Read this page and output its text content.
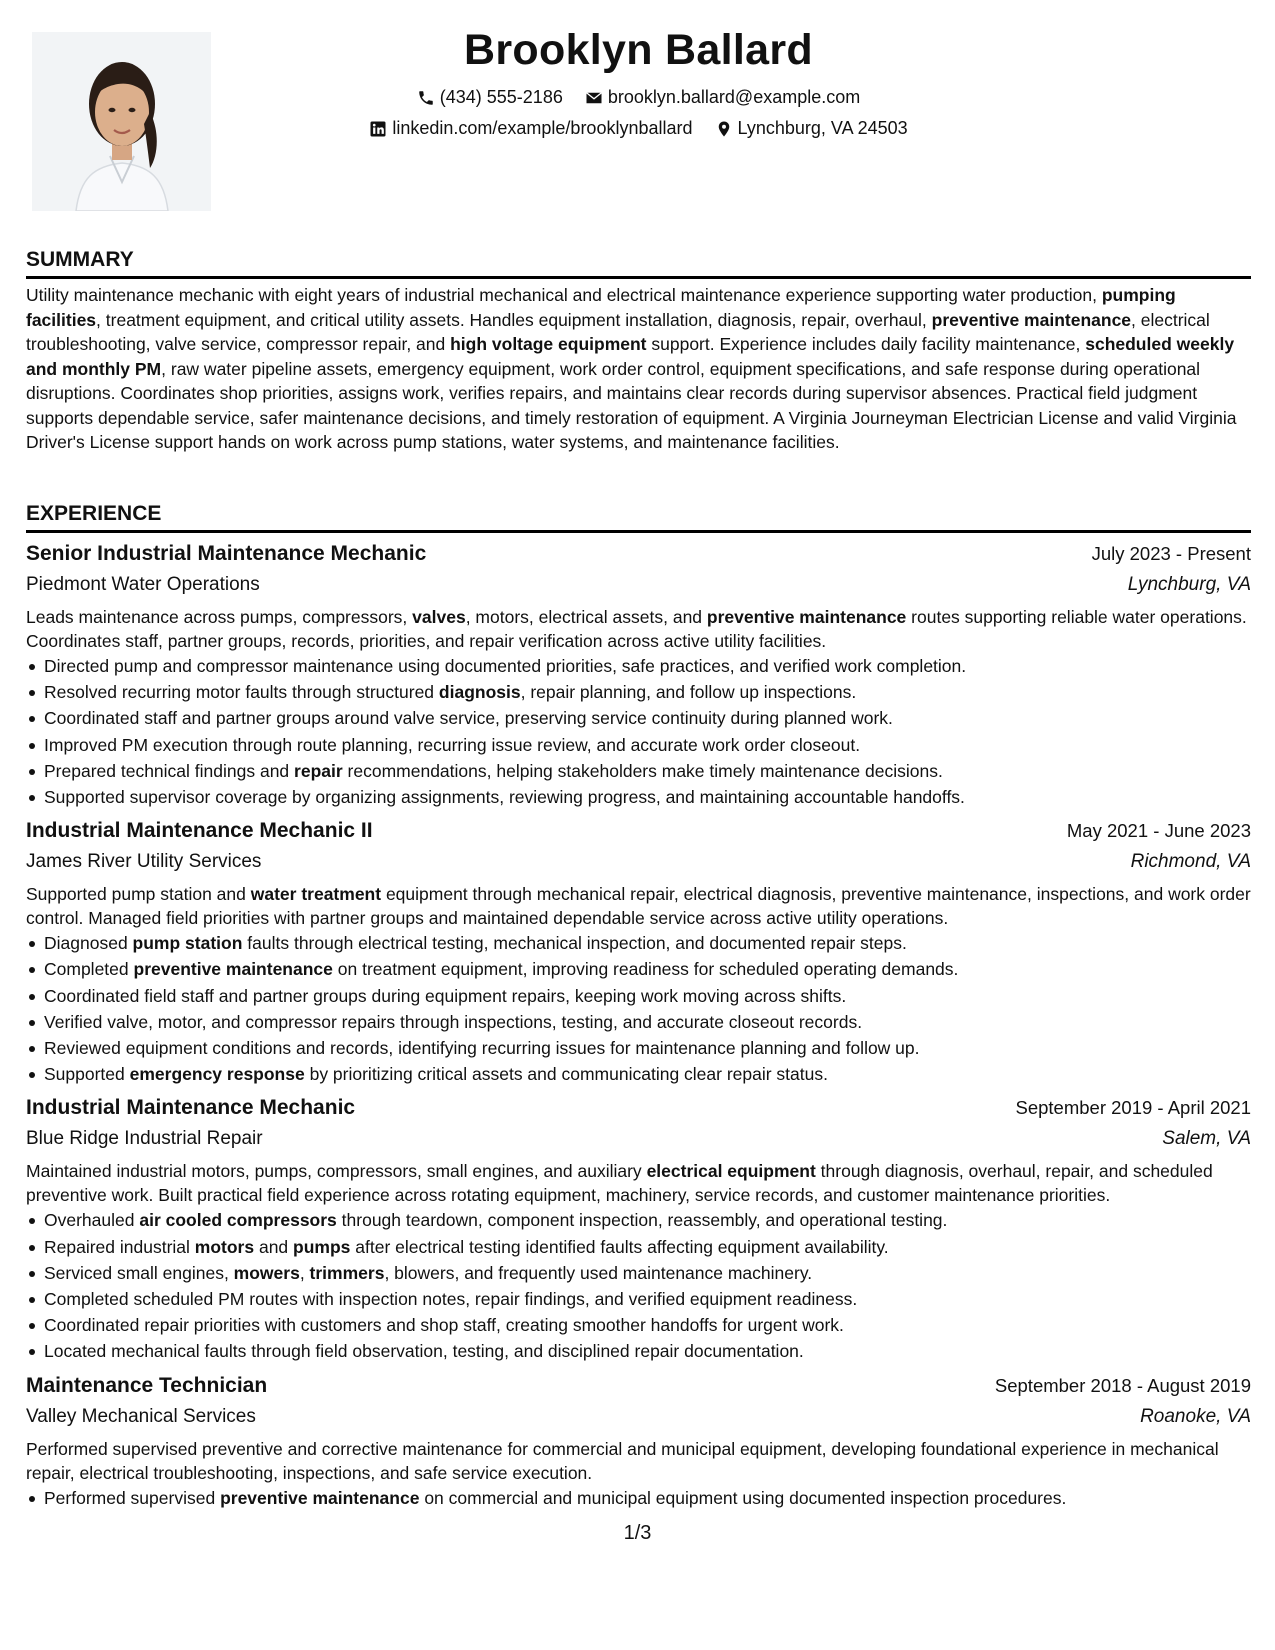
Brooklyn Ballard
(434) 555-2186	brooklyn.ballard@example.com
linkedin.com/example/brooklynballard	Lynchburg, VA 24503
SUMMARY

Utility maintenance mechanic with eight years of industrial mechanical and electrical maintenance experience supporting water production, pumping facilities, treatment equipment, and critical utility assets. Handles equipment installation, diagnosis, repair, overhaul, preventive maintenance, electrical troubleshooting, valve service, compressor repair, and high voltage equipment support. Experience includes daily facility maintenance, scheduled weekly and monthly PM, raw water pipeline assets, emergency equipment, work order control, equipment specifications, and safe response during operational disruptions. Coordinates shop priorities, assigns work, verifies repairs, and maintains clear records during supervisor absences. Practical field judgment supports dependable service, safer maintenance decisions, and timely restoration of equipment. A Virginia Journeyman Electrician License and valid Virginia Driver's License support hands on work across pump stations, water systems, and maintenance facilities.

EXPERIENCE
Senior Industrial Maintenance Mechanic	July 2023 - Present
Piedmont Water Operations	Lynchburg, VA

Leads maintenance across pumps, compressors, valves, motors, electrical assets, and preventive maintenance routes supporting reliable water operations. Coordinates staff, partner groups, records, priorities, and repair verification across active utility facilities.

Directed pump and compressor maintenance using documented priorities, safe practices, and verified work completion.
Resolved recurring motor faults through structured diagnosis, repair planning, and follow up inspections.
Coordinated staff and partner groups around valve service, preserving service continuity during planned work.
Improved PM execution through route planning, recurring issue review, and accurate work order closeout.
Prepared technical findings and repair recommendations, helping stakeholders make timely maintenance decisions.
Supported supervisor coverage by organizing assignments, reviewing progress, and maintaining accountable handoffs.
Industrial Maintenance Mechanic II	May 2021 - June 2023
James River Utility Services	Richmond, VA

Supported pump station and water treatment equipment through mechanical repair, electrical diagnosis, preventive maintenance, inspections, and work order control. Managed field priorities with partner groups and maintained dependable service across active utility operations.

Diagnosed pump station faults through electrical testing, mechanical inspection, and documented repair steps.
Completed preventive maintenance on treatment equipment, improving readiness for scheduled operating demands.
Coordinated field staff and partner groups during equipment repairs, keeping work moving across shifts.
Verified valve, motor, and compressor repairs through inspections, testing, and accurate closeout records.
Reviewed equipment conditions and records, identifying recurring issues for maintenance planning and follow up.
Supported emergency response by prioritizing critical assets and communicating clear repair status.
Industrial Maintenance Mechanic	September 2019 - April 2021
Blue Ridge Industrial Repair	Salem, VA

Maintained industrial motors, pumps, compressors, small engines, and auxiliary electrical equipment through diagnosis, overhaul, repair, and scheduled preventive work. Built practical field experience across rotating equipment, machinery, service records, and customer maintenance priorities.

Overhauled air cooled compressors through teardown, component inspection, reassembly, and operational testing.
Repaired industrial motors and pumps after electrical testing identified faults affecting equipment availability.
Serviced small engines, mowers, trimmers, blowers, and frequently used maintenance machinery.
Completed scheduled PM routes with inspection notes, repair findings, and verified equipment readiness.
Coordinated repair priorities with customers and shop staff, creating smoother handoffs for urgent work.
Located mechanical faults through field observation, testing, and disciplined repair documentation.
Maintenance Technician	September 2018 - August 2019
Valley Mechanical Services	Roanoke, VA

Performed supervised preventive and corrective maintenance for commercial and municipal equipment, developing foundational experience in mechanical repair, electrical troubleshooting, inspections, and safe service execution.

Performed supervised preventive maintenance on commercial and municipal equipment using documented inspection procedures.
1/3
